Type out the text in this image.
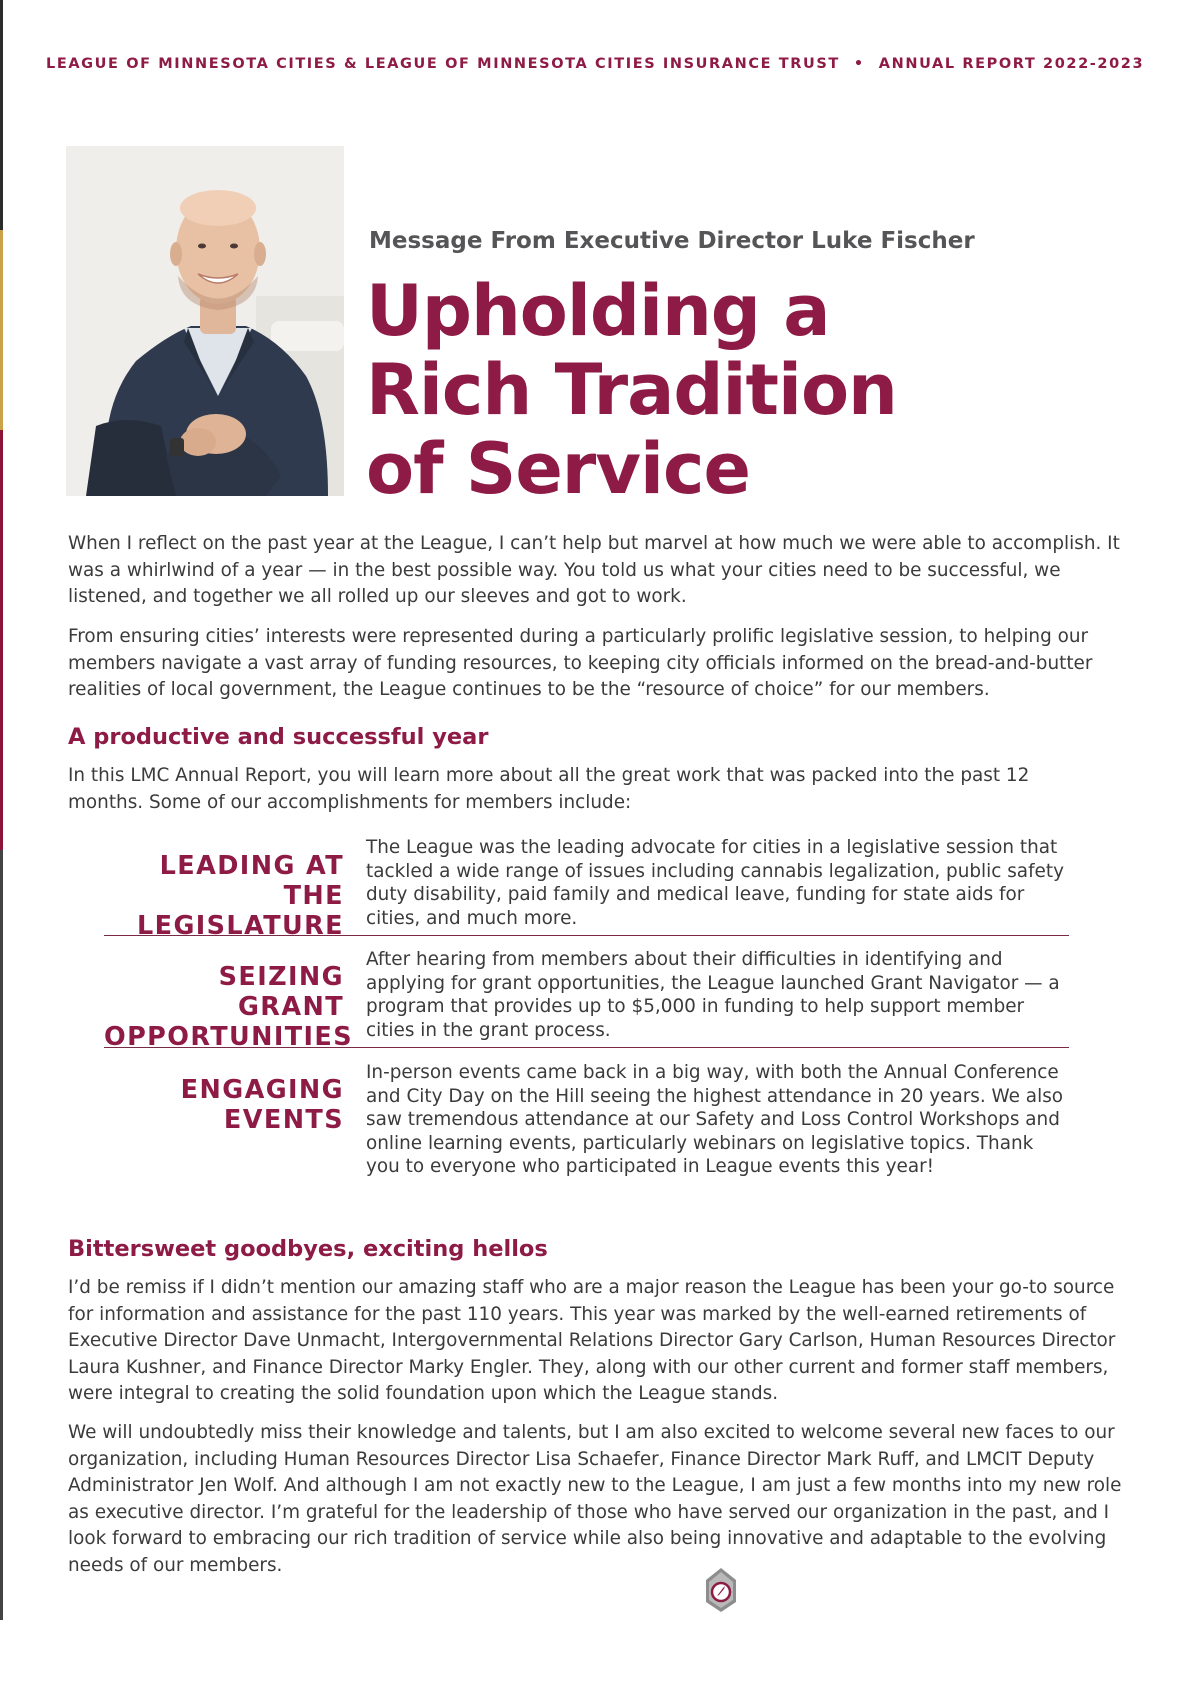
LEAGUE OF MINNESOTA CITIES & LEAGUE OF MINNESOTA CITIES INSURANCE TRUST • ANNUAL REPORT 2022-2023
Message From Executive Director Luke Fischer
Upholding a
Rich Tradition
of Service
When I reflect on the past year at the League, I can’t help but marvel at how much we were able to accomplish. It was a whirlwind of a year — in the best possible way. You told us what your cities need to be successful, we listened, and together we all rolled up our sleeves and got to work.
From ensuring cities’ interests were represented during a particularly prolific legislative session, to helping our members navigate a vast array of funding resources, to keeping city officials informed on the bread-and-butter realities of local government, the League continues to be the “resource of choice” for our members.
A productive and successful year
In this LMC Annual Report, you will learn more about all the great work that was packed into the past 12 months. Some of our accomplishments for members include:
LEADING AT THE
LEGISLATURE
The League was the leading advocate for cities in a legislative session that tackled a wide range of issues including cannabis legalization, public safety duty disability, paid family and medical leave, funding for state aids for cities, and much more.
SEIZING GRANT
OPPORTUNITIES
After hearing from members about their difficulties in identifying and applying for grant opportunities, the League launched Grant Navigator — a program that provides up to $5,000 in funding to help support member cities in the grant process.
ENGAGING
EVENTS
In-person events came back in a big way, with both the Annual Conference and City Day on the Hill seeing the highest attendance in 20 years. We also saw tremendous attendance at our Safety and Loss Control Workshops and online learning events, particularly webinars on legislative topics. Thank you to everyone who participated in League events this year!
Bittersweet goodbyes, exciting hellos
I’d be remiss if I didn’t mention our amazing staff who are a major reason the League has been your go-to source for information and assistance for the past 110 years. This year was marked by the well-earned retirements of Executive Director Dave Unmacht, Intergovernmental Relations Director Gary Carlson, Human Resources Director Laura Kushner, and Finance Director Marky Engler. They, along with our other current and former staff members, were integral to creating the solid foundation upon which the League stands.
We will undoubtedly miss their knowledge and talents, but I am also excited to welcome several new faces to our organization, including Human Resources Director Lisa Schaefer, Finance Director Mark Ruff, and LMCIT Deputy Administrator Jen Wolf. And although I am not exactly new to the League, I am just a few months into my new role as executive director. I’m grateful for the leadership of those who have served our organization in the past, and I look forward to embracing our rich tradition of service while also being innovative and adaptable to the evolving needs of our members.
